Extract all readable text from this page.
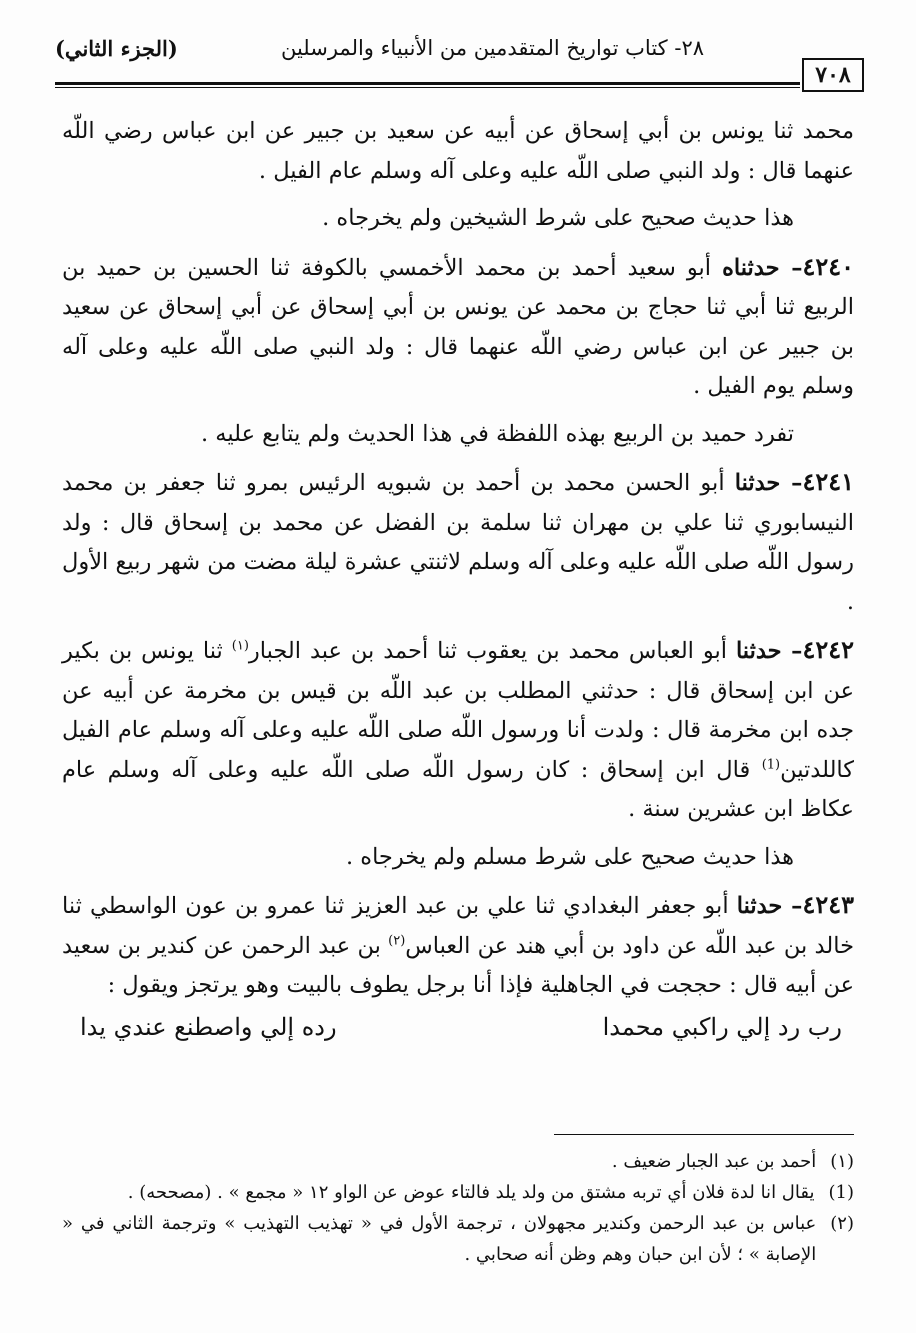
٧٠٨
٢٨- كتاب تواريخ المتقدمين من الأنبياء والمرسلين
(الجزء الثاني)

محمد ثنا يونس بن أبي إسحاق عن أبيه عن سعيد بن جبير عن ابن عباس رضي اللّه عنهما قال : ولد النبي صلى اللّه عليه وعلى آله وسلم عام الفيل .

هذا حديث صحيح على شرط الشيخين ولم يخرجاه .

٤٢٤٠– حدثناه أبو سعيد أحمد بن محمد الأخمسي بالكوفة ثنا الحسين بن حميد بن الربيع ثنا أبي ثنا حجاج بن محمد عن يونس بن أبي إسحاق عن أبي إسحاق عن سعيد بن جبير عن ابن عباس رضي اللّه عنهما قال : ولد النبي صلى اللّه عليه وعلى آله وسلم يوم الفيل .

تفرد حميد بن الربيع بهذه اللفظة في هذا الحديث ولم يتابع عليه .

٤٢٤١– حدثنا أبو الحسن محمد بن أحمد بن شبويه الرئيس بمرو ثنا جعفر بن محمد النيسابوري ثنا علي بن مهران ثنا سلمة بن الفضل عن محمد بن إسحاق قال : ولد رسول اللّه صلى اللّه عليه وعلى آله وسلم لاثنتي عشرة ليلة مضت من شهر ربيع الأول .

٤٢٤٢– حدثنا أبو العباس محمد بن يعقوب ثنا أحمد بن عبد الجبار$^{(١)}$ ثنا يونس بن بكير عن ابن إسحاق قال : حدثني المطلب بن عبد اللّه بن قيس بن مخرمة عن أبيه عن جده ابن مخرمة قال : ولدت أنا ورسول اللّه صلى اللّه عليه وعلى آله وسلم عام الفيل كاللدتين$^{(1)}$ قال ابن إسحاق : كان رسول اللّه صلى اللّه عليه وعلى آله وسلم عام عكاظ ابن عشرين سنة .

هذا حديث صحيح على شرط مسلم ولم يخرجاه .

٤٢٤٣– حدثنا أبو جعفر البغدادي ثنا علي بن عبد العزيز ثنا عمرو بن عون الواسطي ثنا خالد بن عبد اللّه عن داود بن أبي هند عن العباس$^{(٢)}$ بن عبد الرحمن عن كندير بن سعيد عن أبيه قال : حججت في الجاهلية فإذا أنا برجل يطوف بالبيت وهو يرتجز ويقول :

رب رد إلي راكبي محمدا
رده إلي واصطنع عندي يدا
(١)
أحمد بن عبد الجبار ضعيف .
(1)
يقال انا لدة فلان أي تربه مشتق من ولد يلد فالتاء عوض عن الواو ١٢ « مجمع » . (مصححه) .
(٢)
عباس بن عبد الرحمن وكندير مجهولان ، ترجمة الأول في « تهذيب التهذيب » وترجمة الثاني في « الإصابة » ؛ لأن ابن حبان وهم وظن أنه صحابي .
